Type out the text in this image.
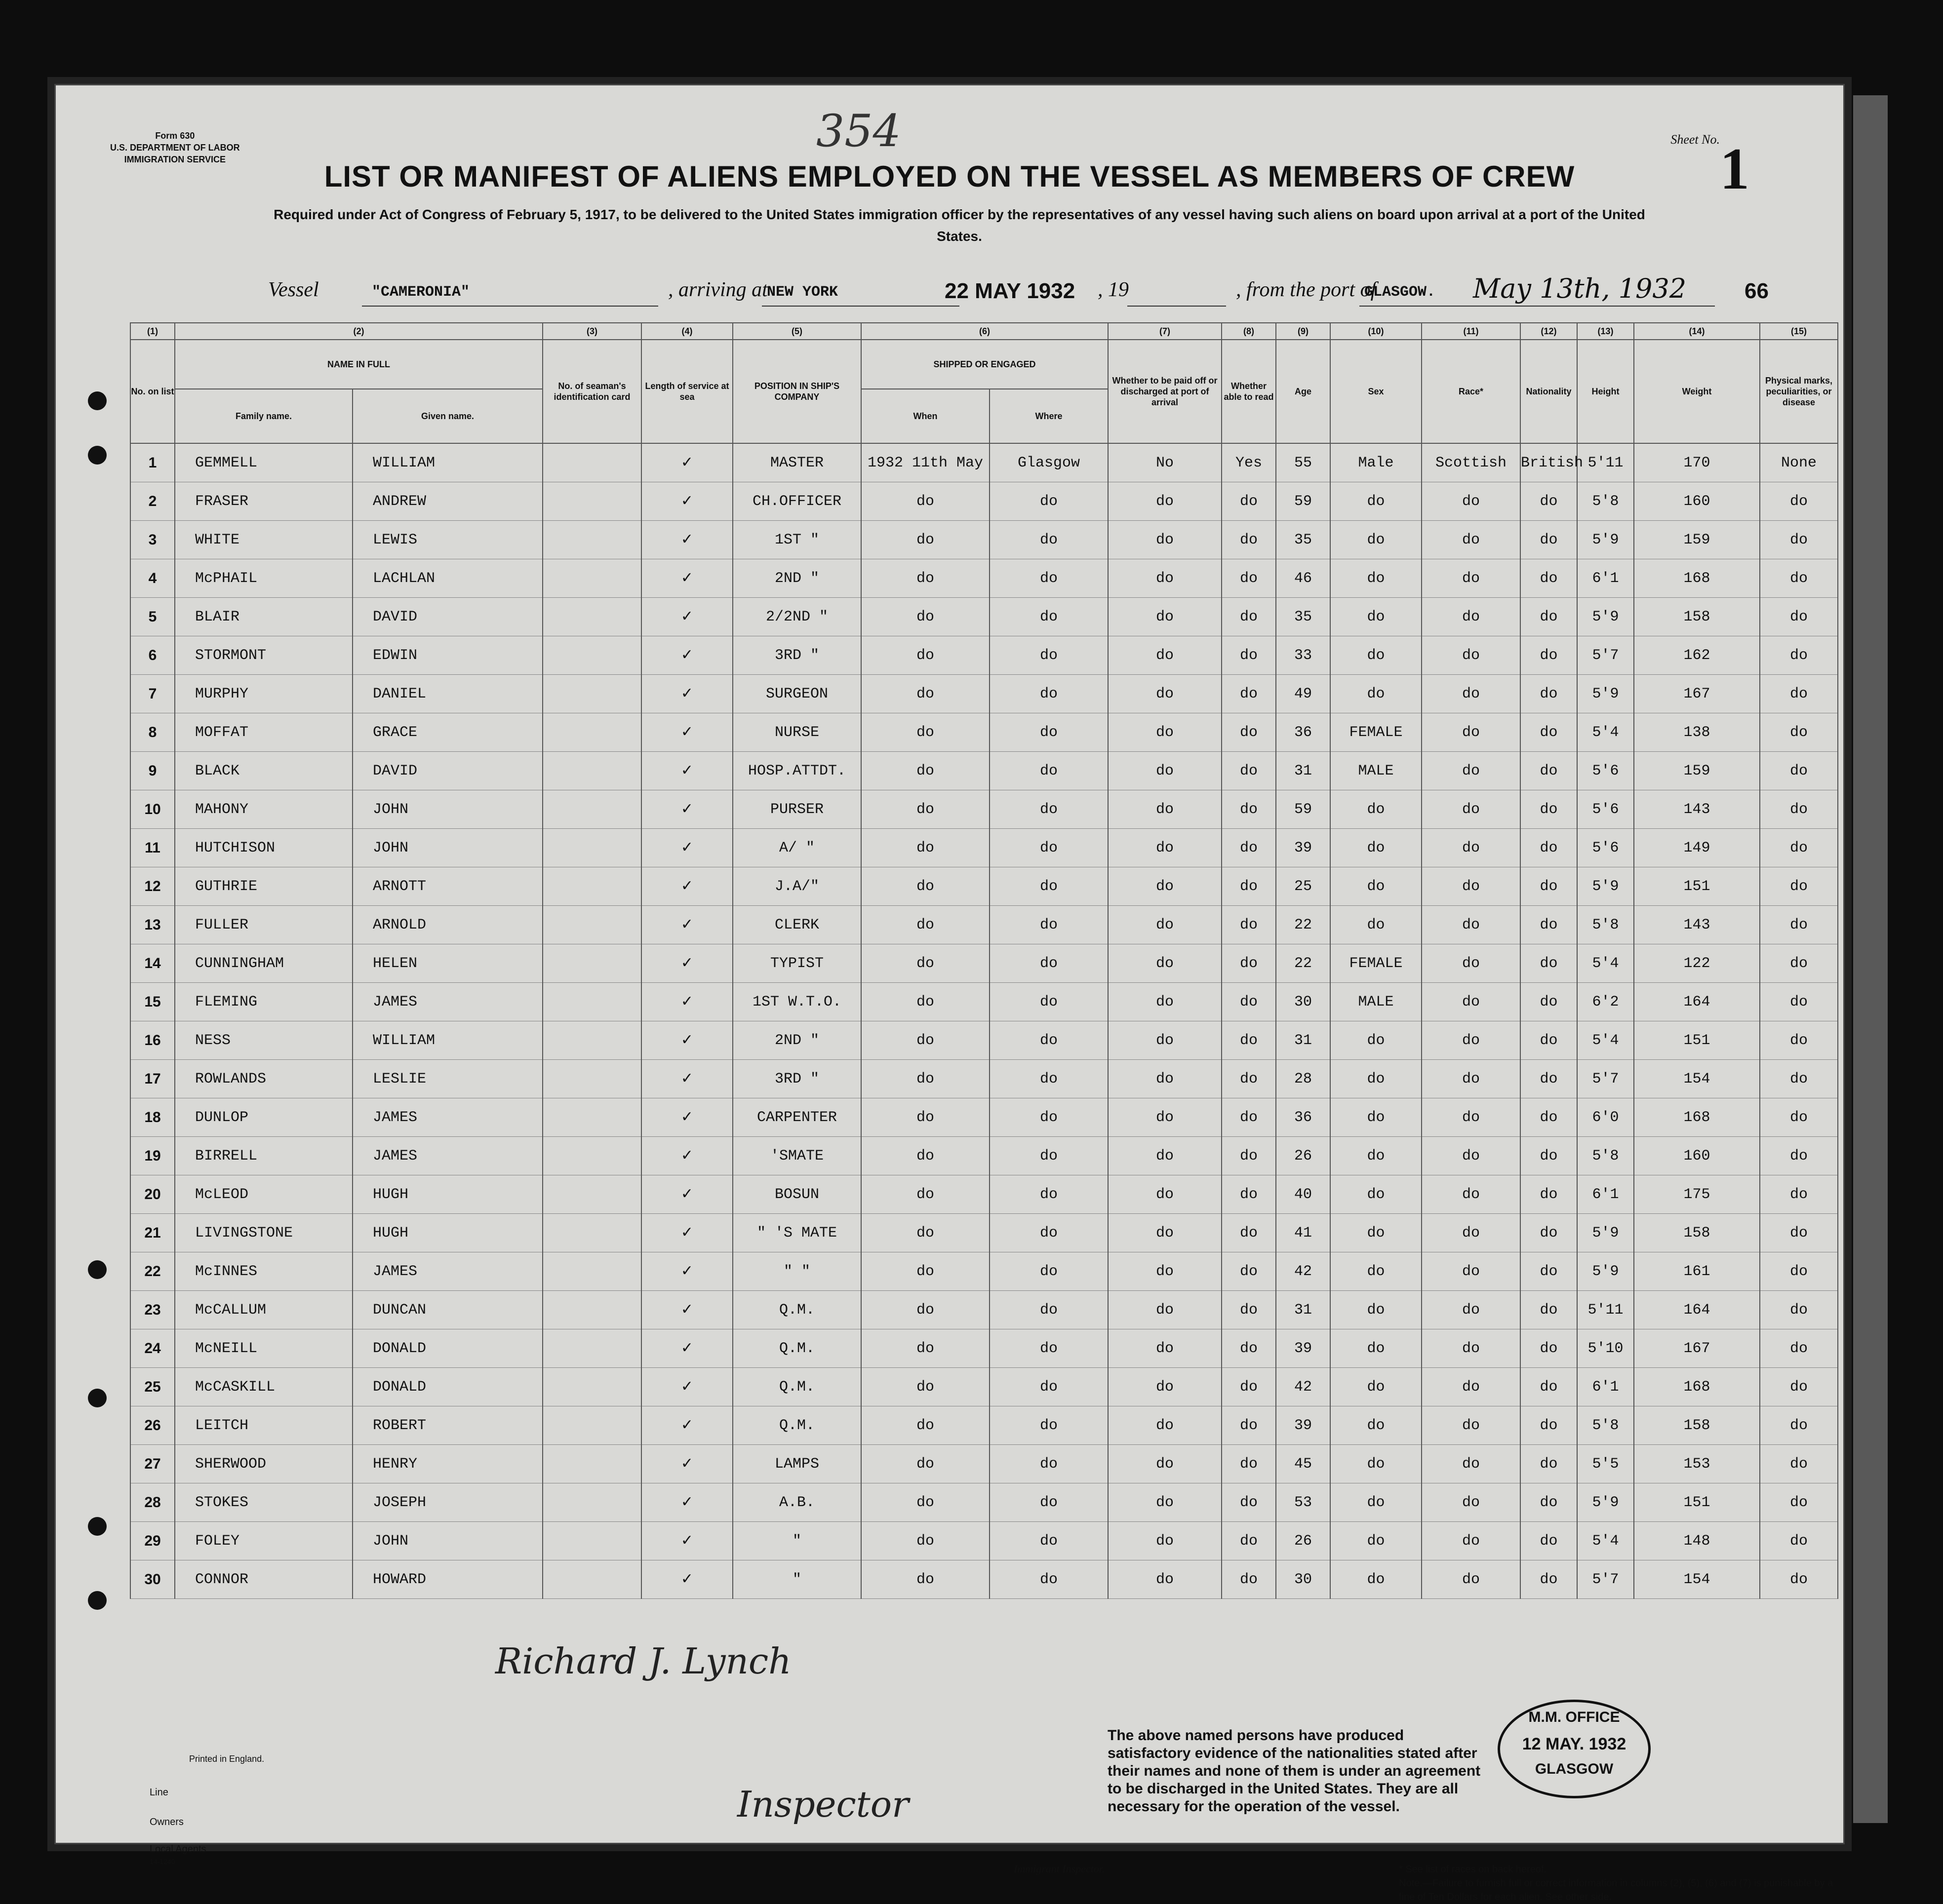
Form 630
U.S. DEPARTMENT OF LABOR
IMMIGRATION SERVICE
354	Sheet No. 1
LIST OR MANIFEST OF ALIENS EMPLOYED ON THE VESSEL AS MEMBERS OF CREW
Required under Act of Congress of February 5, 1917, to be delivered to the United States immigration officer by the representatives of any vessel having such aliens on board upon arrival at a port of the United States.
Vessel	"CAMERONIA"	, arriving at
NEW YORK	22 MAY 1932 , 19	, from the port of
GLASGOW. May 13th, 1932	66
(1)	(2)		(3)	(4)	(5)	(6)		(7)	(8)	(9)	(10)	(11)	(12)	(13)	(14)	(15)
No. on list	NAME IN FULL		No. of seaman's identification card	Length of service at sea	POSITION IN SHIP'S COMPANY	SHIPPED OR ENGAGED		Whether to be paid off or discharged at port of arrival	Whether able to read	Age	Sex	Race*	Nationality	Height	Weight	Physical marks, peculiarities, or disease
	Family name.	Given name.				When	Where									
1	GEMMELL	WILLIAM		✓	MASTER	1932 11th May	Glasgow	No	Yes	55	Male	Scottish	British	5'11	170	None
2	FRASER	ANDREW		✓	CH.OFFICER	do	do	do	do	59	do	do	do	5'8	160	do
3	WHITE	LEWIS		✓	1ST "	do	do	do	do	35	do	do	do	5'9	159	do
4	McPHAIL	LACHLAN		✓	2ND "	do	do	do	do	46	do	do	do	6'1	168	do
5	BLAIR	DAVID		✓	2/2ND "	do	do	do	do	35	do	do	do	5'9	158	do
6	STORMONT	EDWIN		✓	3RD "	do	do	do	do	33	do	do	do	5'7	162	do
7	MURPHY	DANIEL		✓	SURGEON	do	do	do	do	49	do	do	do	5'9	167	do
8	MOFFAT	GRACE		✓	NURSE	do	do	do	do	36	FEMALE	do	do	5'4	138	do
9	BLACK	DAVID		✓	HOSP.ATTDT.	do	do	do	do	31	MALE	do	do	5'6	159	do
10	MAHONY	JOHN		✓	PURSER	do	do	do	do	59	do	do	do	5'6	143	do
11	HUTCHISON	JOHN		✓	A/ "	do	do	do	do	39	do	do	do	5'6	149	do
12	GUTHRIE	ARNOTT		✓	J.A/"	do	do	do	do	25	do	do	do	5'9	151	do
13	FULLER	ARNOLD		✓	CLERK	do	do	do	do	22	do	do	do	5'8	143	do
14	CUNNINGHAM	HELEN		✓	TYPIST	do	do	do	do	22	FEMALE	do	do	5'4	122	do
15	FLEMING	JAMES		✓	1ST W.T.O.	do	do	do	do	30	MALE	do	do	6'2	164	do
16	NESS	WILLIAM		✓	2ND "	do	do	do	do	31	do	do	do	5'4	151	do
17	ROWLANDS	LESLIE		✓	3RD "	do	do	do	do	28	do	do	do	5'7	154	do
18	DUNLOP	JAMES		✓	CARPENTER	do	do	do	do	36	do	do	do	6'0	168	do
19	BIRRELL	JAMES		✓	'SMATE	do	do	do	do	26	do	do	do	5'8	160	do
20	McLEOD	HUGH		✓	BOSUN	do	do	do	do	40	do	do	do	6'1	175	do
21	LIVINGSTONE	HUGH		✓	" 'S MATE	do	do	do	do	41	do	do	do	5'9	158	do
22	McINNES	JAMES		✓	" "	do	do	do	do	42	do	do	do	5'9	161	do
23	McCALLUM	DUNCAN		✓	Q.M.	do	do	do	do	31	do	do	do	5'11	164	do
24	McNEILL	DONALD		✓	Q.M.	do	do	do	do	39	do	do	do	5'10	167	do
25	McCASKILL	DONALD		✓	Q.M.	do	do	do	do	42	do	do	do	6'1	168	do
26	LEITCH	ROBERT		✓	Q.M.	do	do	do	do	39	do	do	do	5'8	158	do
27	SHERWOOD	HENRY		✓	LAMPS	do	do	do	do	45	do	do	do	5'5	153	do
28	STOKES	JOSEPH		✓	A.B.	do	do	do	do	53	do	do	do	5'9	151	do
29	FOLEY	JOHN		✓	"	do	do	do	do	26	do	do	do	5'4	148	do
30	CONNOR	HOWARD		✓	"	do	do	do	do	30	do	do	do	5'7	154	do
Richard J. Lynch
The above named persons have produced satisfactory evidence of the nationalities stated after their names and none of them is under an agreement to be discharged in the United States. They are all necessary for the operation of the vessel.
M.M. OFFICE
12 MAY. 1932
GLASGOW
Printed in England.
Line
Owners
Local Agents
14-1240
Inspector
Immigrant Inspector.	* See list of races on back hereof.
Note.—Failure to furnish full or correct information in columns (2), (5), (6) and (7) is punishable by a fine of Ten Dollars for each alien. See other side.
